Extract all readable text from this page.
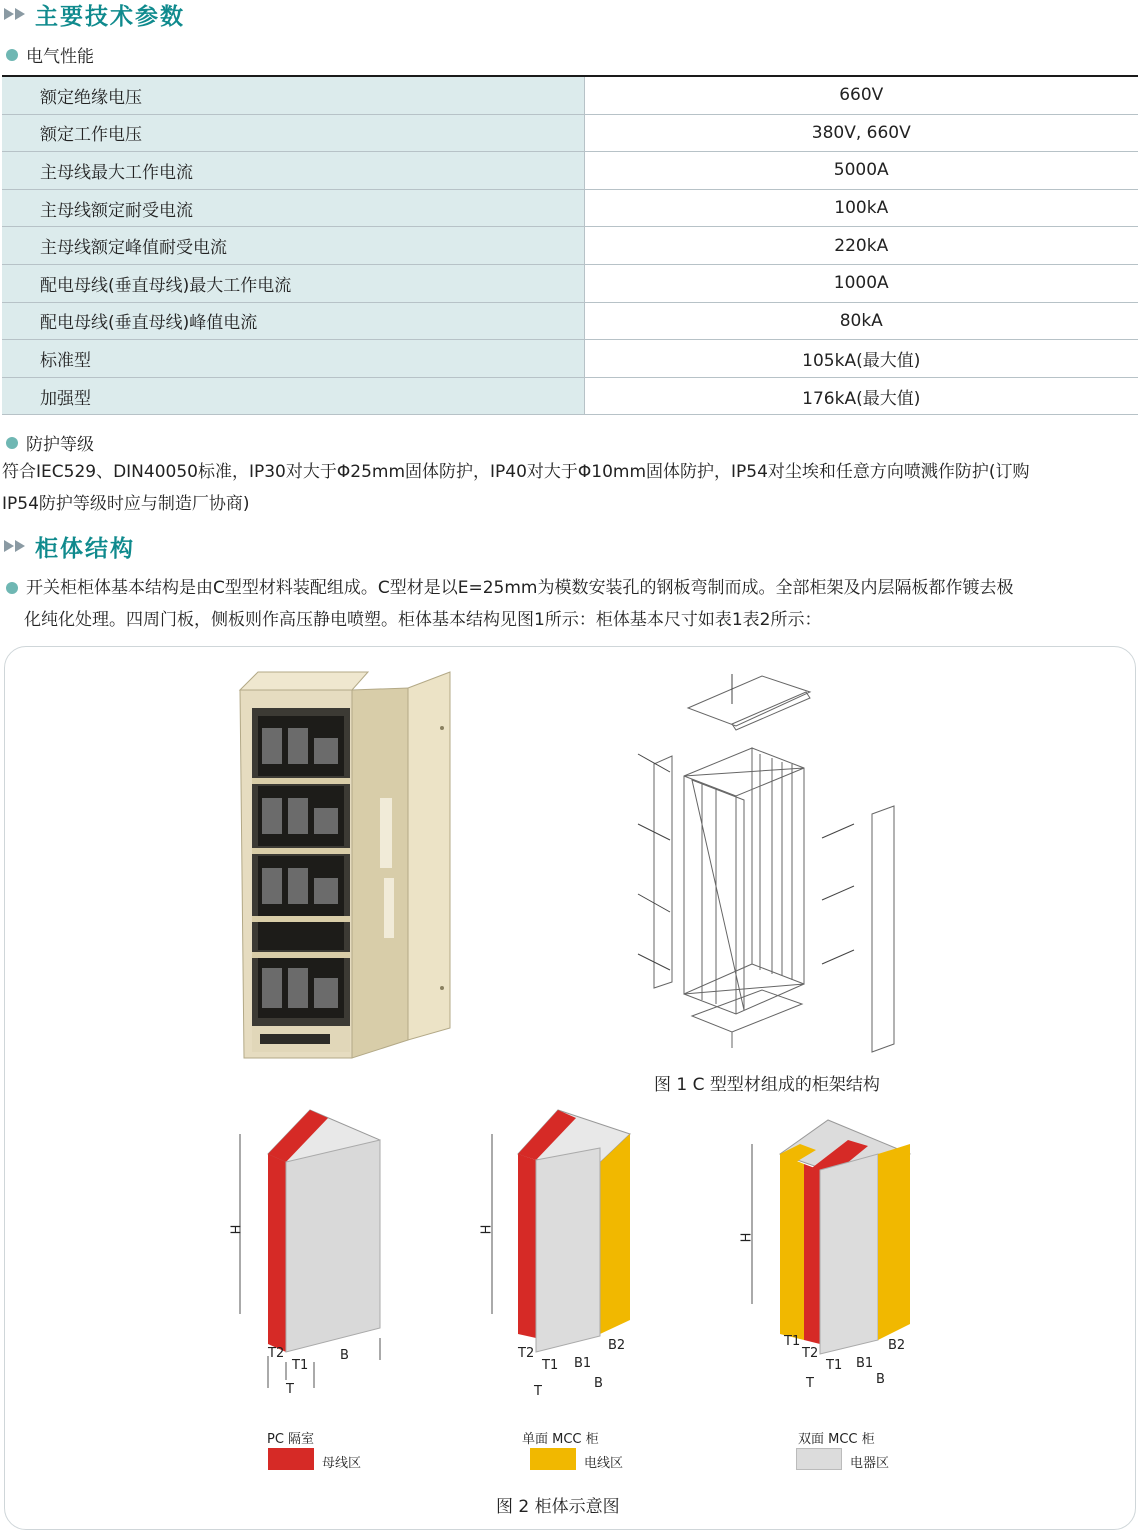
主要技术参数
电气性能
额定绝缘电压	660V
额定工作电压	380V, 660V
主母线最大工作电流	5000A
主母线额定耐受电流	100kA
主母线额定峰值耐受电流	220kA
配电母线(垂直母线)最大工作电流	1000A
配电母线(垂直母线)峰值电流	80kA
标准型	105kA(最大值)
加强型	176kA(最大值)
防护等级
符合IEC529、DIN40050标准，IP30对大于Φ25mm固体防护，IP40对大于Φ10mm固体防护，IP54对尘埃和任意方向喷溅作防护(订购
IP54防护等级时应与制造厂协商)
柜体结构
开关柜柜体基本结构是由C型型材料装配组成。C型材是以E=25mm为模数安装孔的钢板弯制而成。全部柜架及内层隔板都作镀去极
化纯化处理。四周门板，侧板则作高压静电喷塑。柜体基本结构见图1所示：柜体基本尺寸如表1表2所示：
图 1 C 型型材组成的柜架结构
H
T2
T1
B
T
H
T2
T1 B1
B2
T
B
H
T1
T2
T1 B1
B2
T	B
PC 隔室	单面 MCC 柜	双面 MCC 柜
母线区	电线区	电器区
图 2 柜体示意图
